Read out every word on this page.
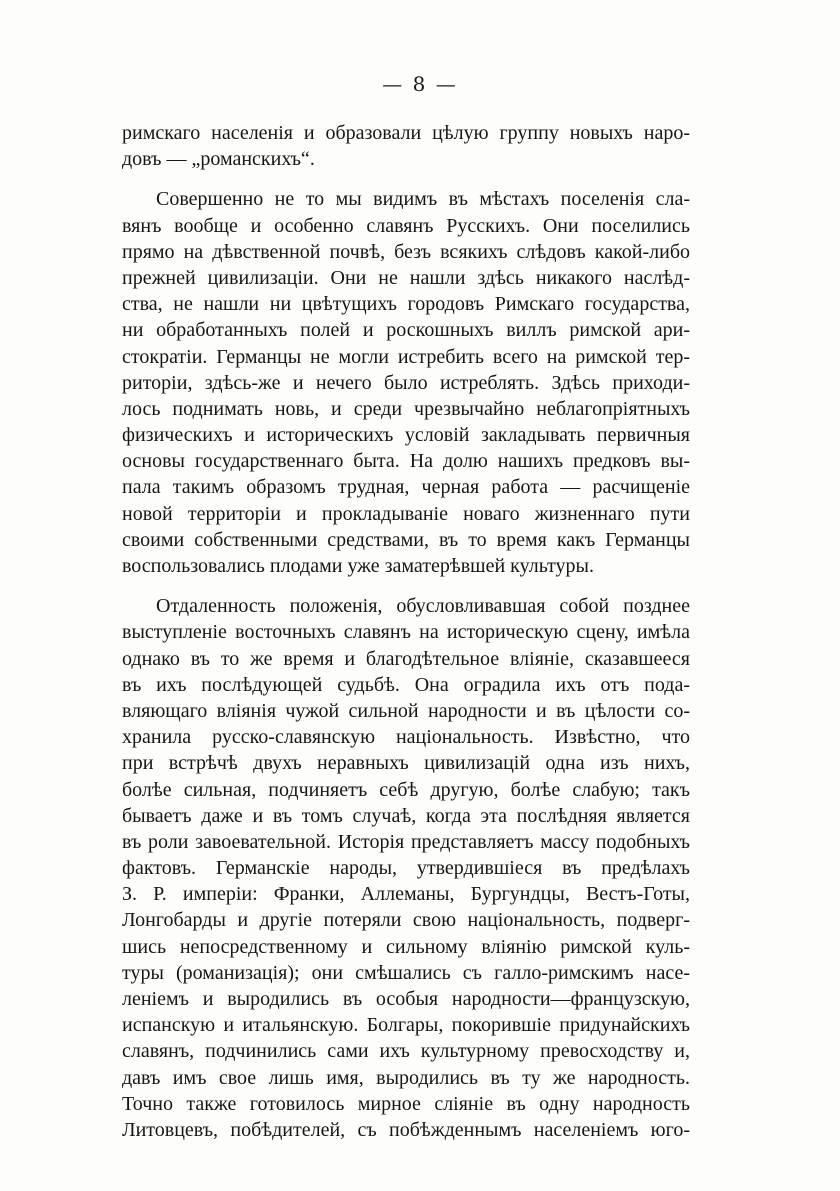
— 8 —
римскаго населенія и образовали цѣлую группу новыхъ наро-
довъ — „романскихъ“.
Совершенно не то мы видимъ въ мѣстахъ поселенія сла-
вянъ вообще и особенно славянъ Русскихъ. Они поселились
прямо на дѣвственной почвѣ, безъ всякихъ слѣдовъ какой-либо
прежней цивилизаціи. Они не нашли здѣсь никакого наслѣд-
ства, не нашли ни цвѣтущихъ городовъ Римскаго государства,
ни обработанныхъ полей и роскошныхъ виллъ римской ари-
стократіи. Германцы не могли истребить всего на римской тер-
риторіи, здѣсь-же и нечего было истреблять. Здѣсь приходи-
лось поднимать новь, и среди чрезвычайно неблагопріятныхъ
физическихъ и историческихъ условій закладывать первичныя
основы государственнаго быта. На долю нашихъ предковъ вы-
пала такимъ образомъ трудная, черная работа — расчищеніе
новой территоріи и прокладываніе новаго жизненнаго пути
своими собственными средствами, въ то время какъ Германцы
воспользовались плодами уже заматерѣвшей культуры.
Отдаленность положенія, обусловливавшая собой позднее
выступленіе восточныхъ славянъ на историческую сцену, имѣла
однако въ то же время и благодѣтельное вліяніе, сказавшееся
въ ихъ послѣдующей судьбѣ. Она оградила ихъ отъ пода-
вляющаго вліянія чужой сильной народности и въ цѣлости со-
хранила русско-славянскую національность. Извѣстно, что
при встрѣчѣ двухъ неравныхъ цивилизацій одна изъ нихъ,
болѣе сильная, подчиняетъ себѣ другую, болѣе слабую; такъ
бываетъ даже и въ томъ случаѣ, когда эта послѣдняя является
въ роли завоевательной. Исторія представляетъ массу подобныхъ
фактовъ. Германскіе народы, утвердившіеся въ предѣлахъ
З. Р. имперіи: Франки, Аллеманы, Бургундцы, Вестъ-Готы,
Лонгобарды и другіе потеряли свою національность, подверг-
шись непосредственному и сильному вліянію римской куль-
туры (романизація); они смѣшались съ галло-римскимъ насе-
леніемъ и выродились въ особыя народности—французскую,
испанскую и итальянскую. Болгары, покорившіе придунайскихъ
славянъ, подчинились сами ихъ культурному превосходству и,
давъ имъ свое лишь имя, выродились въ ту же народность.
Точно также готовилось мирное сліяніе въ одну народность
Литовцевъ, побѣдителей, съ побѣжденнымъ населеніемъ юго-
